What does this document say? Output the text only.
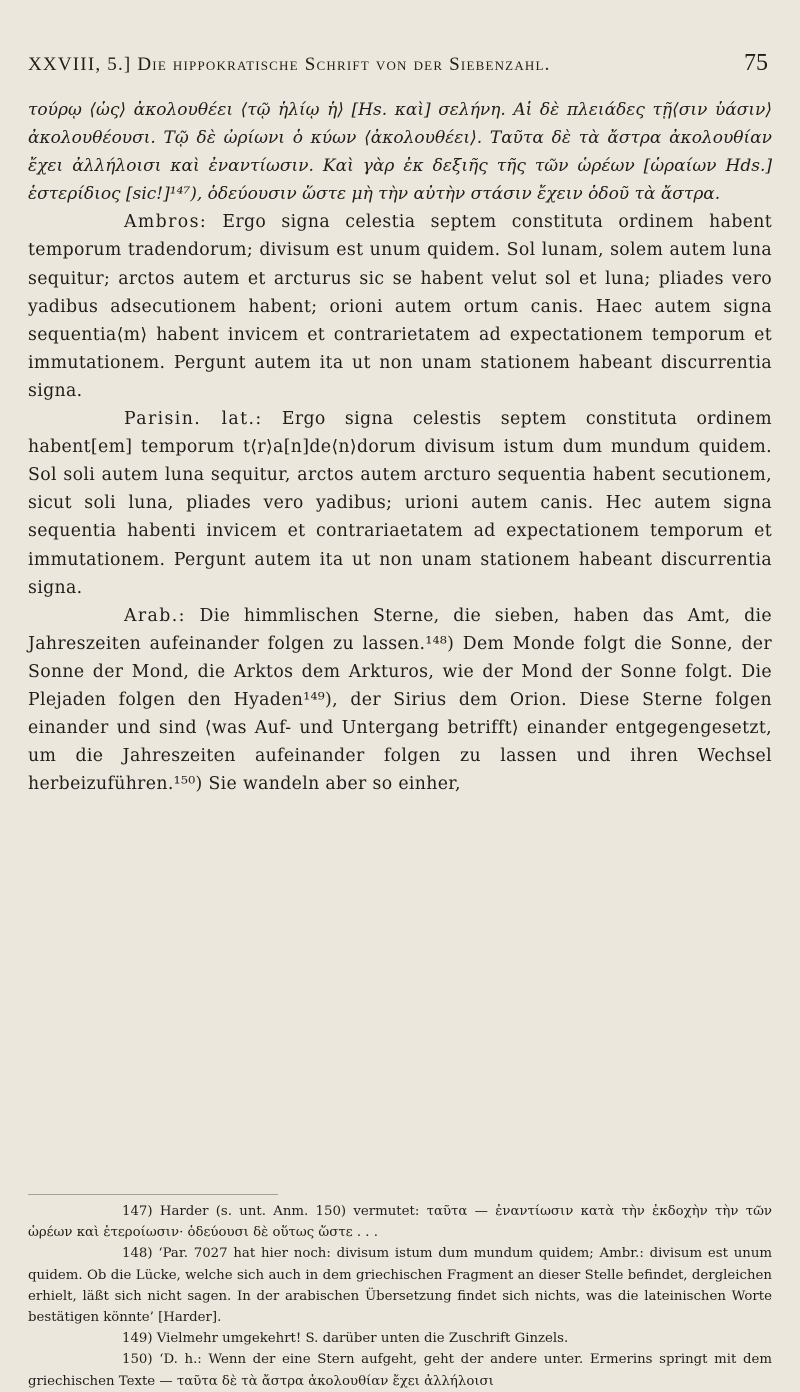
XXVIII, 5.] Die hippokratische Schrift von der Siebenzahl.	75

τούρῳ ⟨ὡς⟩ ἀκολουθέει ⟨τῷ ἡλίῳ ἡ⟩ [Hs. καὶ] σελήνη. Αἱ δὲ πλειάδες τῇ⟨σιν ὑάσιν⟩ ἀκολουθέουσι. Τῷ δὲ ὠρίωνι ὁ κύων ⟨ἀκολουθέει⟩. Ταῦτα δὲ τὰ ἄστρα ἀκολουθίαν ἔχει ἀλλήλοισι καὶ ἐναντίωσιν. Καὶ γὰρ ἐκ δεξιῆς τῆς τῶν ὡρέων [ὡραίων Hds.] ἑστερίδιος [sic!]¹⁴⁷), ὁδεύουσιν ὥστε μὴ τὴν αὐτὴν στάσιν ἔχειν ὁδοῦ τὰ ἄστρα.

Ambros: Ergo signa celestia septem constituta ordinem habent temporum tradendorum; divisum est unum quidem. Sol lunam, solem autem luna sequitur; arctos autem et arcturus sic se habent velut sol et luna; pliades vero yadibus adsecutionem habent; orioni autem ortum canis. Haec autem signa sequentia⟨m⟩ habent invicem et contrarietatem ad expectationem temporum et immutationem. Pergunt autem ita ut non unam stationem habeant discurrentia signa.

Parisin. lat.: Ergo signa celestis septem constituta ordinem habent[em] temporum t⟨r⟩a[n]de⟨n⟩dorum divisum istum dum mundum quidem. Sol soli autem luna sequitur, arctos autem arcturo sequentia habent secutionem, sicut soli luna, pliades vero yadibus; urioni autem canis. Hec autem signa sequentia habenti invicem et contrariaetatem ad expectationem temporum et immutationem. Pergunt autem ita ut non unam stationem habeant discurrentia signa.

Arab.: Die himmlischen Sterne, die sieben, haben das Amt, die Jahreszeiten aufeinander folgen zu lassen.¹⁴⁸) Dem Monde folgt die Sonne, der Sonne der Mond, die Arktos dem Arkturos, wie der Mond der Sonne folgt. Die Plejaden folgen den Hyaden¹⁴⁹), der Sirius dem Orion. Diese Sterne folgen einander und sind ⟨was Auf- und Untergang betrifft⟩ einander entgegengesetzt, um die Jahreszeiten aufeinander folgen zu lassen und ihren Wechsel herbeizuführen.¹⁵⁰) Sie wandeln aber so einher,

147) Harder (s. unt. Anm. 150) vermutet: ταῦτα — ἐναντίωσιν κατὰ τὴν ἐκδοχὴν τὴν τῶν ὡρέων καὶ ἑτεροίωσιν· ὁδεύουσι δὲ οὕτως ὥστε . . .

148) ‘Par. 7027 hat hier noch: divisum istum dum mundum quidem; Ambr.: divisum est unum quidem. Ob die Lücke, welche sich auch in dem griechischen Fragment an dieser Stelle befindet, dergleichen erhielt, läßt sich nicht sagen. In der arabischen Übersetzung findet sich nichts, was die lateinischen Worte bestätigen könnte’ [Harder].

149) Vielmehr umgekehrt! S. darüber unten die Zuschrift Ginzels.

150) ‘D. h.: Wenn der eine Stern aufgeht, geht der andere unter. Ermerins springt mit dem griechischen Texte — ταῦτα δὲ τὰ ἄστρα ἀκολουθίαν ἔχει ἀλλήλοισι
